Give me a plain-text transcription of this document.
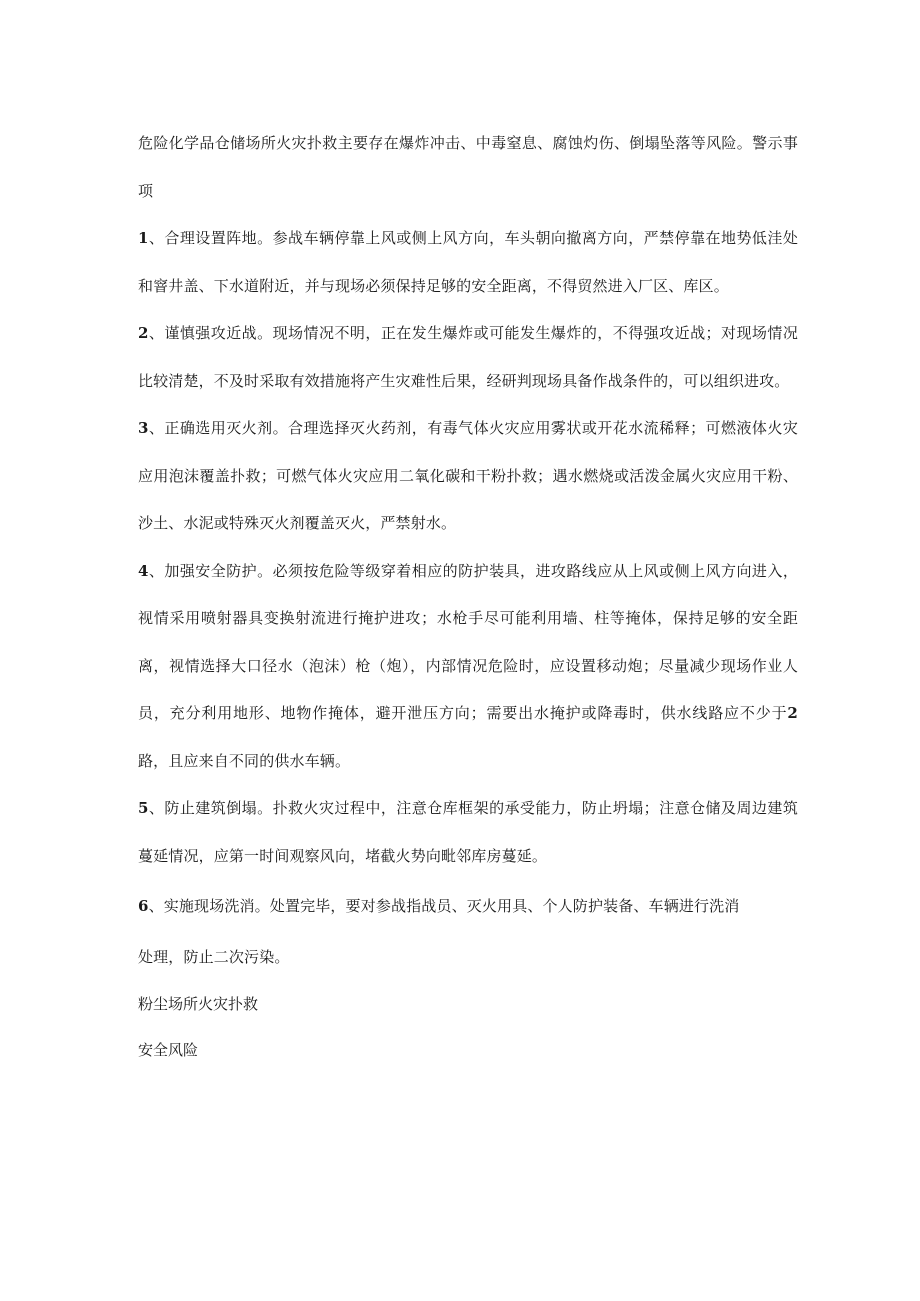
危险化学品仓储场所火灾扑救主要存在爆炸冲击、中毒窒息、腐蚀灼伤、倒塌坠落等风险。警示事项

1、合理设置阵地。参战车辆停靠上风或侧上风方向，车头朝向撤离方向，严禁停靠在地势低洼处和窨井盖、下水道附近，并与现场必须保持足够的安全距离，不得贸然进入厂区、库区。

2、谨慎强攻近战。现场情况不明，正在发生爆炸或可能发生爆炸的，不得强攻近战；对现场情况比较清楚，不及时采取有效措施将产生灾难性后果，经研判现场具备作战条件的，可以组织进攻。

3、正确选用灭火剂。合理选择灭火药剂，有毒气体火灾应用雾状或开花水流稀释；可燃液体火灾应用泡沫覆盖扑救；可燃气体火灾应用二氧化碳和干粉扑救；遇水燃烧或活泼金属火灾应用干粉、沙土、水泥或特殊灭火剂覆盖灭火，严禁射水。

4、加强安全防护。必须按危险等级穿着相应的防护装具，进攻路线应从上风或侧上风方向进入，视情采用喷射器具变换射流进行掩护进攻；水枪手尽可能利用墙、柱等掩体，保持足够的安全距离，视情选择大口径水（泡沫）枪（炮），内部情况危险时，应设置移动炮；尽量减少现场作业人员，充分利用地形、地物作掩体，避开泄压方向；需要出水掩护或降毒时，供水线路应不少于2 路，且应来自不同的供水车辆。

5、防止建筑倒塌。扑救火灾过程中，注意仓库框架的承受能力，防止坍塌；注意仓储及周边建筑蔓延情况，应第一时间观察风向，堵截火势向毗邻库房蔓延。

6、实施现场洗消。处置完毕，要对参战指战员、灭火用具、个人防护装备、车辆进行洗消

处理，防止二次污染。

粉尘场所火灾扑救

安全风险
